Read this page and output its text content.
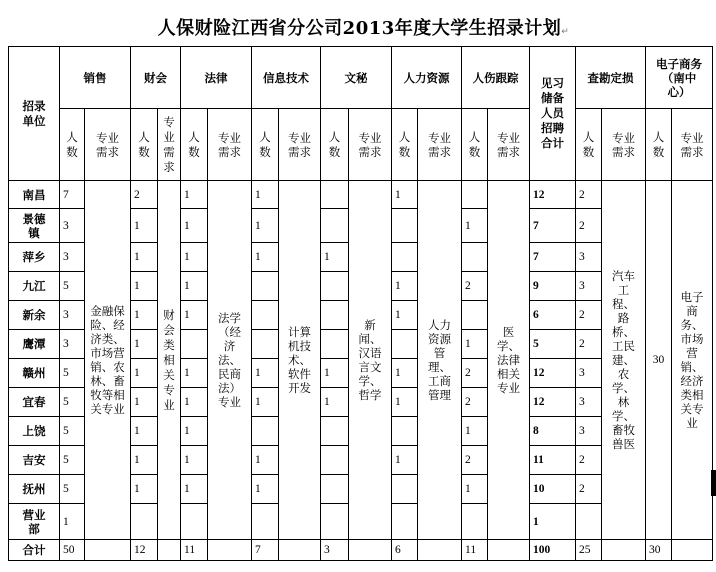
人保财险江西省分公司2013年度大学生招录计划↵
招录单位	销售		财会		法律		信息技术		文秘		人力资源		人伤跟踪		见习储备人员招聘合计	查勘定损		电子商务（南中心）	

	人数	专业需求	人数	专业需求	人数	专业需求	人数	专业需求	人数	专业需求	人数	专业需求	人数	专业需求		人数	专业需求	人数	专业需求

南昌	7	金融保险、经济类、市场营销、农林、畜牧等相关专业	2	财会类相关专业	1	法学（经济法、民商法）专业	1	计算机技术、软件开发		新闻、汉语言文学、哲学	1	人力资源管理、工商管理		医学、法律相关专业	12	2	汽车工程、路桥、工民建、农学、林学、畜牧兽医	30	电子商务、市场营销、经济类相关专业

景德镇	3		1		1		1						1		7	2			
萍乡	3		1		1		1		1						7	3			
九江	5		1		1						1		2		9	3			
新余	3		1		1						1				6	2			
鹰潭	3		1										1		5	2			
赣州	5		1		1		1		1		1		2		12	3			
宜春	5		1		1		1		1		1		2		12	3			
上饶	5		1		1								1		8	3			
吉安	5		1		1		1				1		2		11	2			
抚州	5		1		1		1						1		10	2			

营业部	1														1				
合计	50		12		11		7		3		6		11		100	25		30	
